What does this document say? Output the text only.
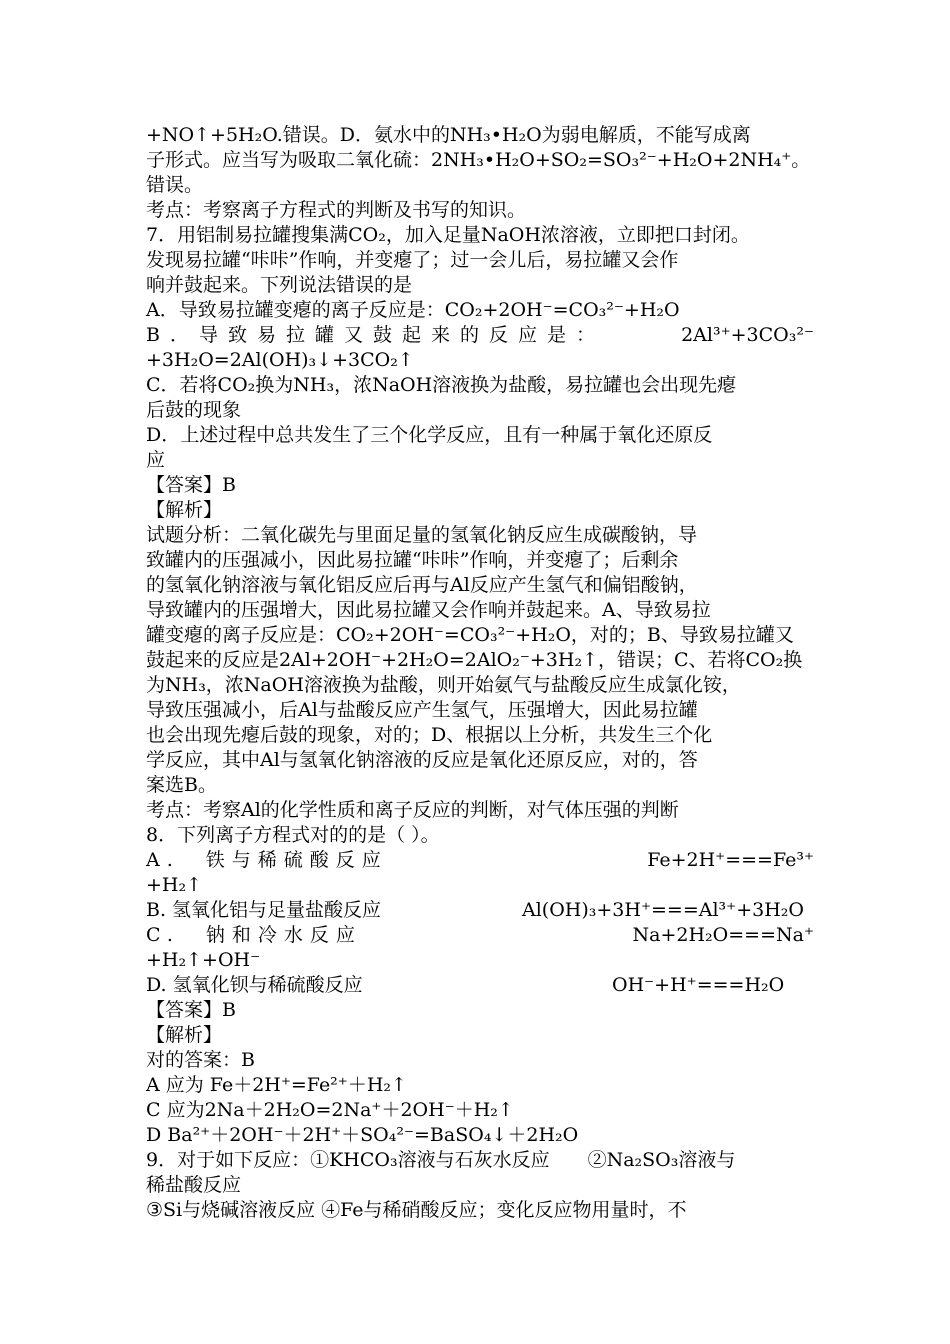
+NO↑+5H₂O.错误。D．氨水中的NH₃•H₂O为弱电解质，不能写成离
子形式。应当写为吸取二氧化硫：2NH₃•H₂O+SO₂=SO₃²⁻+H₂O+2NH₄⁺。
错误。
考点：考察离子方程式的判断及书写的知识。
7．用铝制易拉罐搜集满CO₂，加入足量NaOH浓溶液，立即把口封闭。
发现易拉罐“咔咔”作响，并变瘪了；过一会儿后，易拉罐又会作
响并鼓起来。下列说法错误的是
A．导致易拉罐变瘪的离子反应是：CO₂+2OH⁻=CO₃²⁻+H₂O
B．导致易拉罐又鼓起来的反应是：	2Al³⁺+3CO₃²⁻
+3H₂O=2Al(OH)₃↓+3CO₂↑
C．若将CO₂换为NH₃，浓NaOH溶液换为盐酸，易拉罐也会出现先瘪
后鼓的现象
D．上述过程中总共发生了三个化学反应，且有一种属于氧化还原反
应
【答案】B
【解析】
试题分析：二氧化碳先与里面足量的氢氧化钠反应生成碳酸钠，导
致罐内的压强减小，因此易拉罐“咔咔”作响，并变瘪了；后剩余
的氢氧化钠溶液与氧化铝反应后再与Al反应产生氢气和偏铝酸钠，
导致罐内的压强增大，因此易拉罐又会作响并鼓起来。A、导致易拉
罐变瘪的离子反应是：CO₂+2OH⁻=CO₃²⁻+H₂O，对的；B、导致易拉罐又
鼓起来的反应是2Al+2OH⁻+2H₂O=2AlO₂⁻+3H₂↑，错误；C、若将CO₂换
为NH₃，浓NaOH溶液换为盐酸，则开始氨气与盐酸反应生成氯化铵，
导致压强减小，后Al与盐酸反应产生氢气，压强增大，因此易拉罐
也会出现先瘪后鼓的现象，对的；D、根据以上分析，共发生三个化
学反应，其中Al与氢氧化钠溶液的反应是氧化还原反应，对的，答
案选B。
考点：考察Al的化学性质和离子反应的判断，对气体压强的判断
8．下列离子方程式对的的是（ ）。
A.　铁与稀硫酸反应	Fe+2H⁺===Fe³⁺
+H₂↑
B. 氢氧化铝与足量盐酸反应	Al(OH)₃+3H⁺===Al³⁺+3H₂O
C.　钠和冷水反应	Na+2H₂O===Na⁺
+H₂↑+OH⁻
D. 氢氧化钡与稀硫酸反应	OH⁻+H⁺===H₂O
【答案】B
【解析】
对的答案：B
A 应为 Fe＋2H⁺=Fe²⁺＋H₂↑
C 应为2Na＋2H₂O=2Na⁺＋2OH⁻＋H₂↑
D Ba²⁺＋2OH⁻＋2H⁺＋SO₄²⁻=BaSO₄↓＋2H₂O
9．对于如下反应：①KHCO₃溶液与石灰水反应　　②Na₂SO₃溶液与
稀盐酸反应
③Si与烧碱溶液反应 ④Fe与稀硝酸反应；变化反应物用量时，不
